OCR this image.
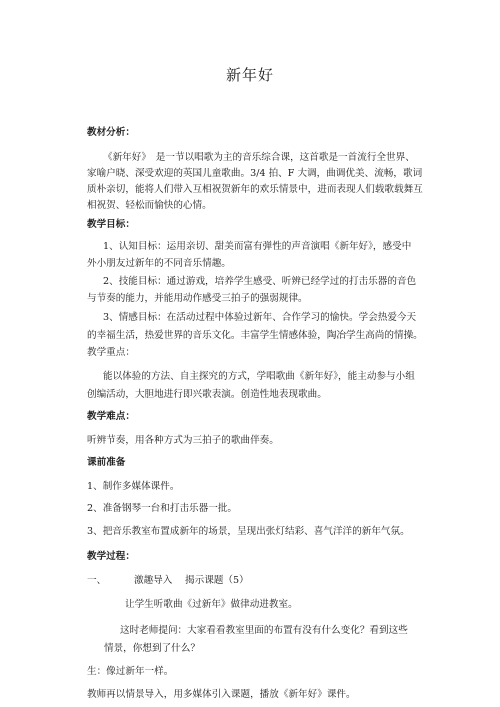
新年好
教材分析：
《新年好》　是一节以唱歌为主的音乐综合课，这首歌是一首流行全世界、
家喻户晓、深受欢迎的英国儿童歌曲。3/4 拍、F 大调，曲调优美、流畅，歌词
质朴亲切，能将人们带入互相祝贺新年的欢乐情景中，进而表现人们载歌载舞互
相祝贺、轻松而愉快的心情。
教学目标：
1、认知目标：运用亲切、甜美而富有弹性的声音演唱《新年好》，感受中
外小朋友过新年的不同音乐情趣。
2、技能目标：通过游戏，培养学生感受、听辨已经学过的打击乐器的音色
与节奏的能力，并能用动作感受三拍子的强弱规律。
3、情感目标：在活动过程中体验过新年、合作学习的愉快。学会热爱今天
的幸福生活，热爱世界的音乐文化。丰富学生情感体验，陶冶学生高尚的情操。
教学重点：
能以体验的方法、自主探究的方式，学唱歌曲《新年好》，能主动参与小组
创编活动，大胆地进行即兴歌表演。创造性地表现歌曲。
教学难点：
听辨节奏，用各种方式为三拍子的歌曲伴奏。
课前准备
1、制作多媒体课件。
2、准备钢琴一台和打击乐器一批。
3、把音乐教室布置成新年的场景，呈现出张灯结彩、喜气洋洋的新年气氛。
教学过程：
一、	激趣导入　 揭示课题（5）
让学生听歌曲《过新年》做律动进教室。
这时老师提问：大家看看教室里面的布置有没有什么变化？看到这些
情景，你想到了什么？
生：像过新年一样。
教师再以情景导入，用多媒体引入课题，播放《新年好》课件。
